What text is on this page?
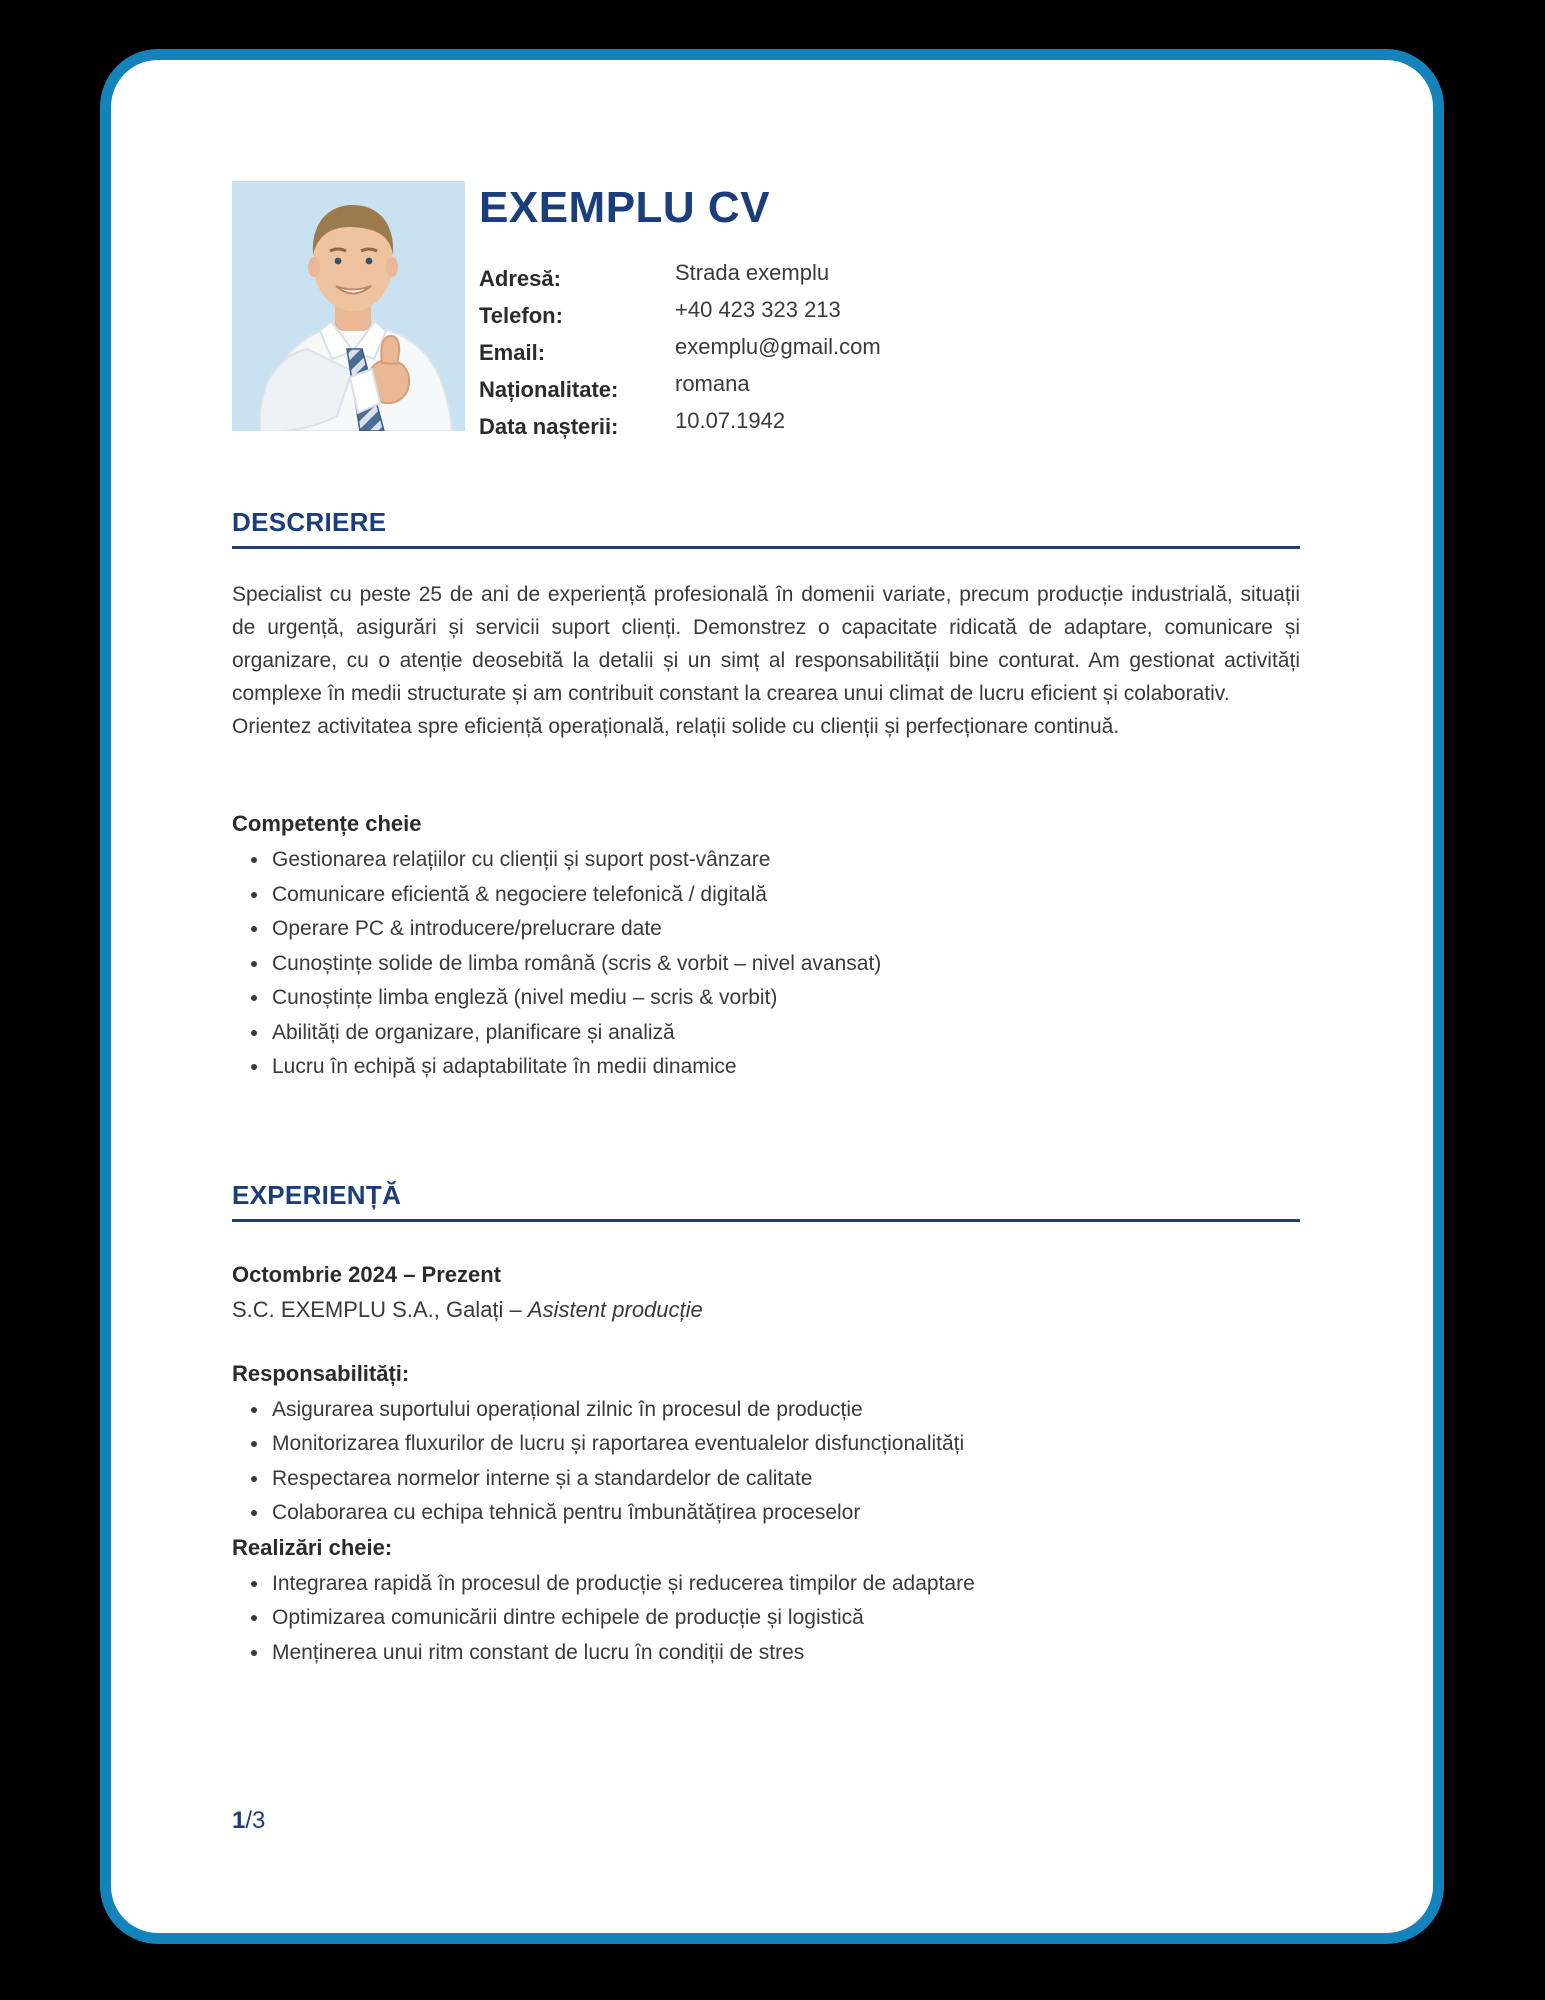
EXEMPLU CV
Adresă:
Telefon:
Email:
Naționalitate:
Data nașterii:
Strada exemplu
+40 423 323 213
exemplu@gmail.com
romana
10.07.1942
DESCRIERE

Specialist cu peste 25 de ani de experiență profesională în domenii variate, precum producție industrială, situații de urgență, asigurări și servicii suport clienți. Demonstrez o capacitate ridicată de adaptare, comunicare și organizare, cu o atenție deosebită la detalii și un simț al responsabilității bine conturat. Am gestionat activități complexe în medii structurate și am contribuit constant la crearea unui climat de lucru eficient și colaborativ.

Orientez activitatea spre eficiență operațională, relații solide cu clienții și perfecționare continuă.

Competențe cheie
• Gestionarea relațiilor cu clienții și suport post-vânzare
• Comunicare eficientă & negociere telefonică / digitală
• Operare PC & introducere/prelucrare date
• Cunoștințe solide de limba română (scris & vorbit – nivel avansat)
• Cunoștințe limba engleză (nivel mediu – scris & vorbit)
• Abilități de organizare, planificare și analiză
• Lucru în echipă și adaptabilitate în medii dinamice
EXPERIENȚĂ
Octombrie 2024 – Prezent
S.C. EXEMPLU S.A., Galați – Asistent producție
Responsabilități:
• Asigurarea suportului operațional zilnic în procesul de producție
• Monitorizarea fluxurilor de lucru și raportarea eventualelor disfuncționalități
• Respectarea normelor interne și a standardelor de calitate
• Colaborarea cu echipa tehnică pentru îmbunătățirea proceselor
Realizări cheie:
• Integrarea rapidă în procesul de producție și reducerea timpilor de adaptare
• Optimizarea comunicării dintre echipele de producție și logistică
• Menținerea unui ritm constant de lucru în condiții de stres
1/3
